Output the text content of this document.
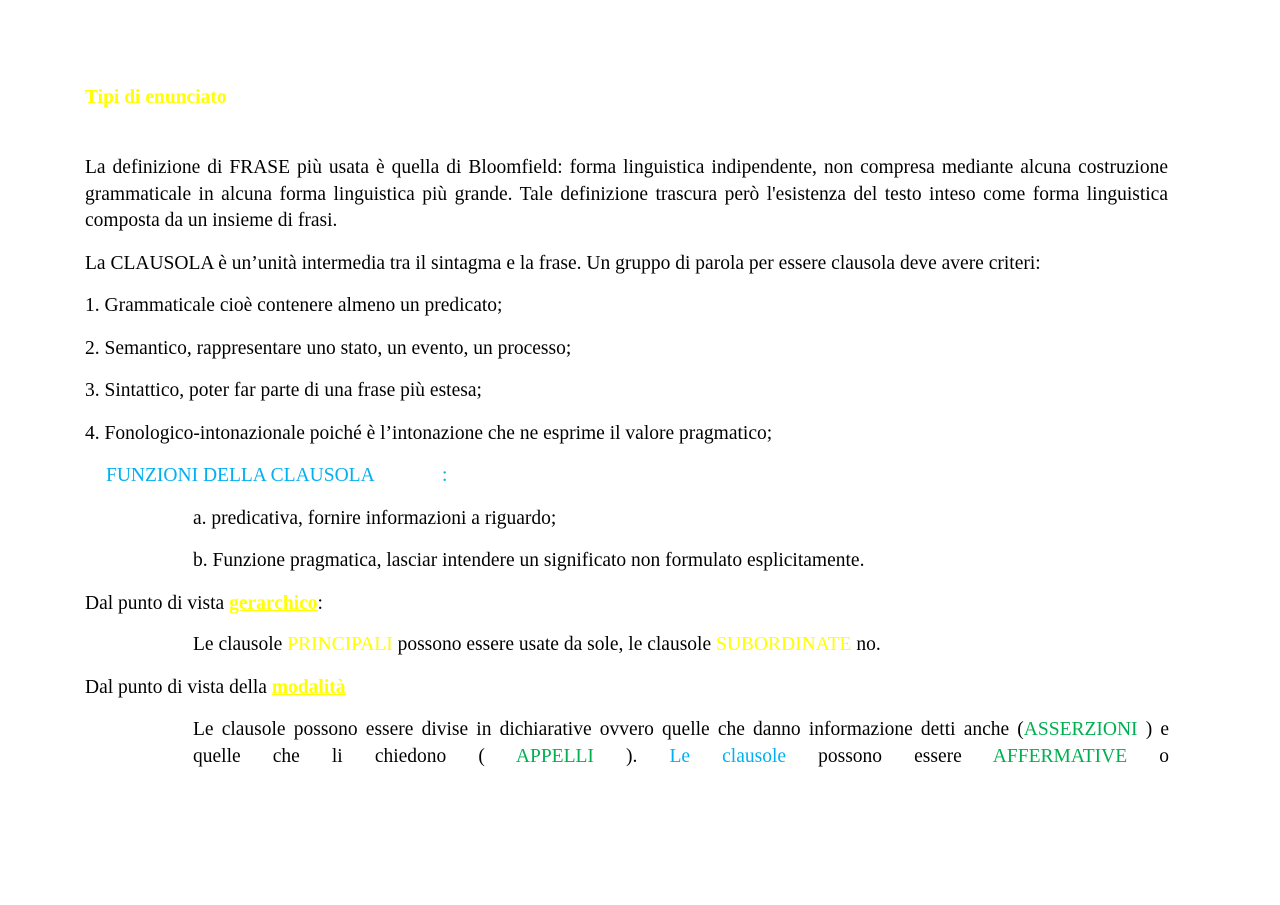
Tipi di enunciato
La definizione di FRASE più usata è quella di Bloomfield: forma linguistica indipendente, non compresa mediante alcuna costruzione grammaticale in alcuna forma linguistica più grande. Tale definizione trascura però l'esistenza del testo inteso come forma linguistica composta da un insieme di frasi.
La CLAUSOLA è un’unità intermedia tra il sintagma e la frase. Un gruppo di parola per essere clausola deve avere criteri:
1. Grammaticale cioè contenere almeno un predicato;
2. Semantico, rappresentare uno stato, un evento, un processo;
3. Sintattico, poter far parte di una frase più estesa;
4. Fonologico-intonazionale poiché è l’intonazione che ne esprime il valore pragmatico;
FUNZIONI DELLA CLAUSOLA	:
a. predicativa, fornire informazioni a riguardo;
b. Funzione pragmatica, lasciar intendere un significato non formulato esplicitamente.
Dal punto di vista gerarchico:
Le clausole PRINCIPALI possono essere usate da sole, le clausole SUBORDINATE no.
Dal punto di vista della modalità
Le clausole possono essere divise in dichiarative ovvero quelle che danno informazione detti anche (ASSERZIONI ) e quelle che li chiedono ( APPELLI ). Le clausole possono essere AFFERMATIVE o
